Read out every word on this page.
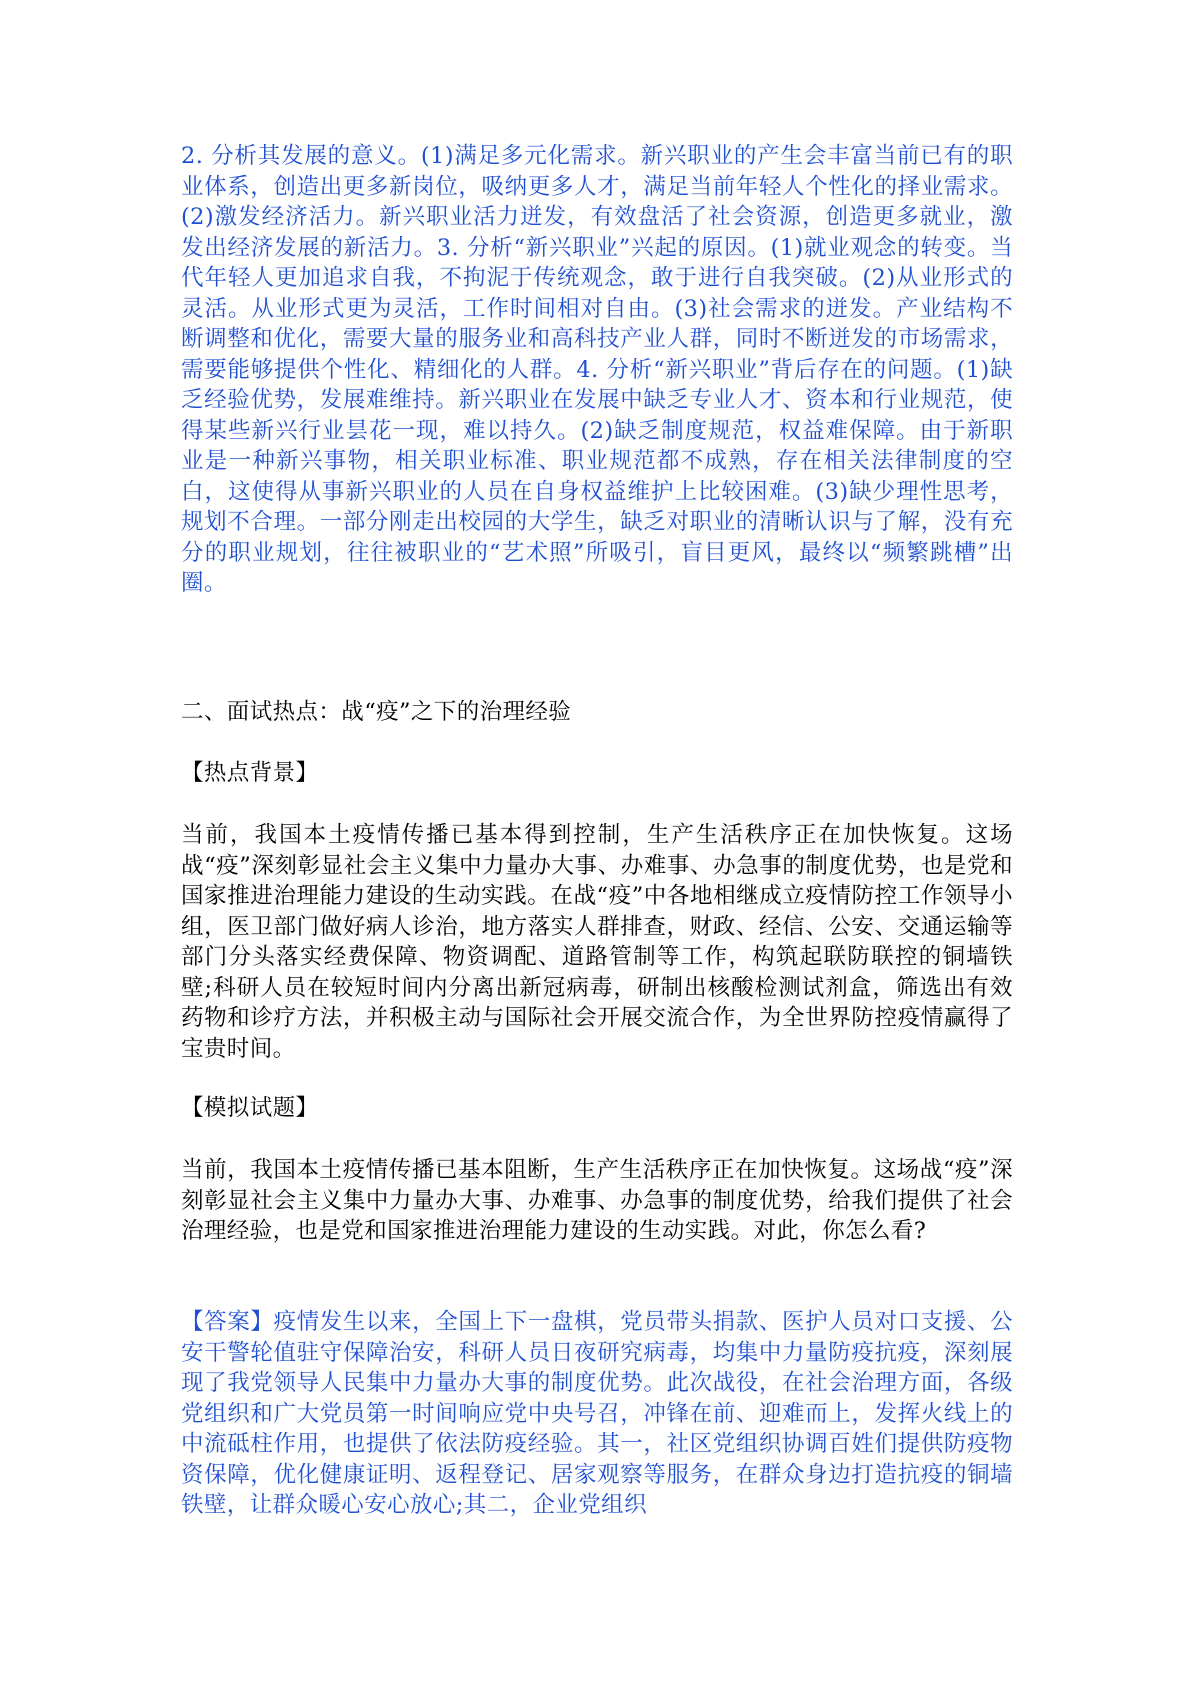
2. 分析其发展的意义。(1)满足多元化需求。新兴职业的产生会丰富当前已有的职业体系，创造出更多新岗位，吸纳更多人才，满足当前年轻人个性化的择业需求。(2)激发经济活力。新兴职业活力迸发，有效盘活了社会资源，创造更多就业，激发出经济发展的新活力。3. 分析“新兴职业”兴起的原因。(1)就业观念的转变。当代年轻人更加追求自我，不拘泥于传统观念，敢于进行自我突破。(2)从业形式的灵活。从业形式更为灵活，工作时间相对自由。(3)社会需求的迸发。产业结构不断调整和优化，需要大量的服务业和高科技产业人群，同时不断迸发的市场需求，需要能够提供个性化、精细化的人群。4. 分析“新兴职业”背后存在的问题。(1)缺乏经验优势，发展难维持。新兴职业在发展中缺乏专业人才、资本和行业规范，使得某些新兴行业昙花一现，难以持久。(2)缺乏制度规范，权益难保障。由于新职业是一种新兴事物，相关职业标准、职业规范都不成熟，存在相关法律制度的空白，这使得从事新兴职业的人员在自身权益维护上比较困难。(3)缺少理性思考，规划不合理。一部分刚走出校园的大学生，缺乏对职业的清晰认识与了解，没有充分的职业规划，往往被职业的“艺术照”所吸引，盲目更风，最终以“频繁跳槽”出圈。

二、面试热点：战“疫”之下的治理经验

【热点背景】

当前，我国本土疫情传播已基本得到控制，生产生活秩序正在加快恢复。这场战“疫”深刻彰显社会主义集中力量办大事、办难事、办急事的制度优势，也是党和国家推进治理能力建设的生动实践。在战“疫”中各地相继成立疫情防控工作领导小组，医卫部门做好病人诊治，地方落实人群排查，财政、经信、公安、交通运输等部门分头落实经费保障、物资调配、道路管制等工作，构筑起联防联控的铜墙铁壁;科研人员在较短时间内分离出新冠病毒，研制出核酸检测试剂盒，筛选出有效药物和诊疗方法，并积极主动与国际社会开展交流合作，为全世界防控疫情赢得了宝贵时间。

【模拟试题】

当前，我国本土疫情传播已基本阻断，生产生活秩序正在加快恢复。这场战“疫”深刻彰显社会主义集中力量办大事、办难事、办急事的制度优势，给我们提供了社会治理经验，也是党和国家推进治理能力建设的生动实践。对此，你怎么看?

【答案】疫情发生以来，全国上下一盘棋，党员带头捐款、医护人员对口支援、公安干警轮值驻守保障治安，科研人员日夜研究病毒，均集中力量防疫抗疫，深刻展现了我党领导人民集中力量办大事的制度优势。此次战役，在社会治理方面，各级党组织和广大党员第一时间响应党中央号召，冲锋在前、迎难而上，发挥火线上的中流砥柱作用，也提供了依法防疫经验。其一，社区党组织协调百姓们提供防疫物资保障，优化健康证明、返程登记、居家观察等服务，在群众身边打造抗疫的铜墙铁壁，让群众暖心安心放心;其二，企业党组织
